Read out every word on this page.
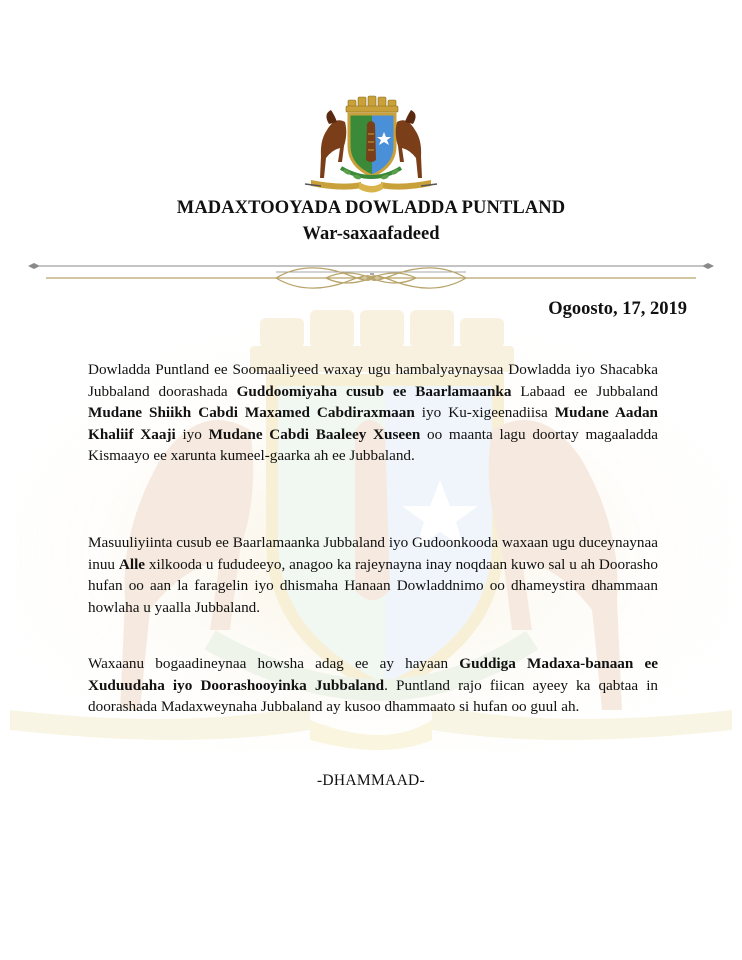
MADAXTOOYADA DOWLADDA PUNTLAND
War-saxaafadeed
Ogoosto, 17, 2019

Dowladda Puntland ee Soomaaliyeed waxay ugu hambalyaynaysaa Dowladda iyo Shacabka Jubbaland doorashada Guddoomiyaha cusub ee Baarlamaanka Labaad ee Jubbaland Mudane Shiikh Cabdi Maxamed Cabdiraxmaan iyo Ku-xigeenadiisa Mudane Aadan Khaliif Xaaji iyo Mudane Cabdi Baaleey Xuseen oo maanta lagu doortay magaaladda Kismaayo ee xarunta kumeel-gaarka ah ee Jubbaland.

Masuuliyiinta cusub ee Baarlamaanka Jubbaland iyo Gudoonkooda waxaan ugu duceynaynaa inuu Alle xilkooda u fududeeyo, anagoo ka rajeynayna inay noqdaan kuwo sal u ah Doorasho hufan oo aan la faragelin iyo dhismaha Hanaan Dowladdnimo oo dhameystira dhammaan howlaha u yaalla Jubbaland.

Waxaanu bogaadineynaa howsha adag ee ay hayaan Guddiga Madaxa-banaan ee Xuduudaha iyo Doorashooyinka Jubbaland. Puntland rajo fiican ayeey ka qabtaa in doorashada Madaxweynaha Jubbaland ay kusoo dhammaato si hufan oo guul ah.

-DHAMMAAD-
